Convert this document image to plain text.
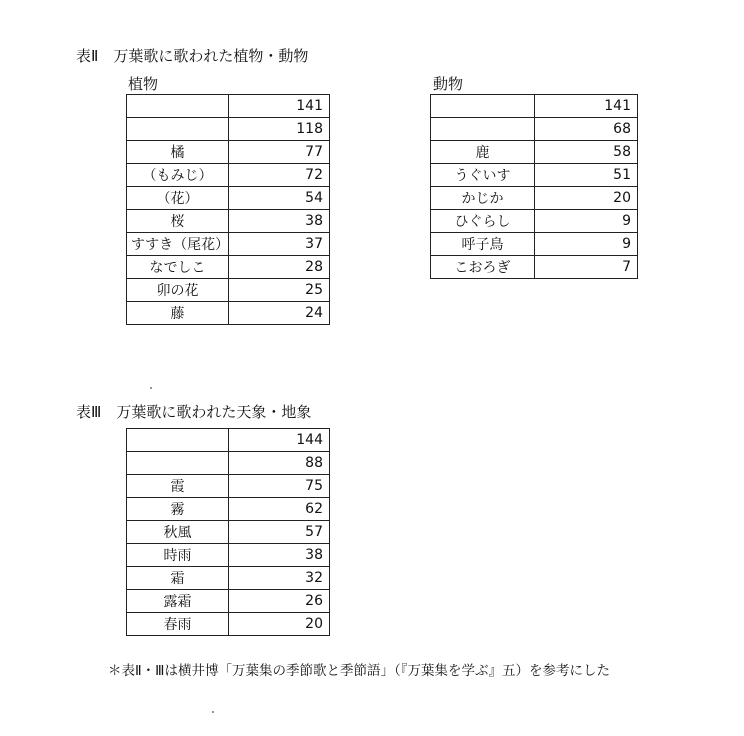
表Ⅱ　万葉歌に歌われた植物・動物
植物
	141
	118
橘	77
（もみじ）	72
（花）	54
桜	38
すすき（尾花）	37
なでしこ	28
卯の花	25
藤	24
動物
	141
	68
鹿	58
うぐいす	51
かじか	20
ひぐらし	9
呼子鳥	9
こおろぎ	7
表Ⅲ　万葉歌に歌われた天象・地象
	144
	88
霞	75
霧	62
秋風	57
時雨	38
霜	32
露霜	26
春雨	20
＊表Ⅱ・Ⅲは横井博「万葉集の季節歌と季節語」（『万葉集を学ぶ』五）を参考にした
